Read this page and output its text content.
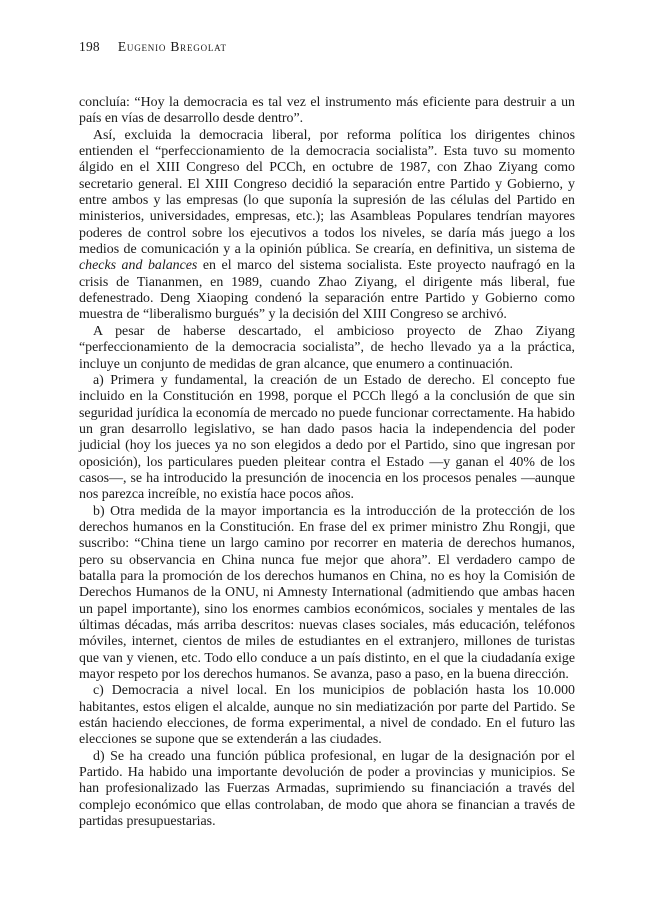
198 Eugenio Bregolat

concluía: “Hoy la democracia es tal vez el instrumento más eficiente para destruir a un país en vías de desarrollo desde dentro”.

Así, excluida la democracia liberal, por reforma política los dirigentes chinos entienden el “perfeccionamiento de la democracia socialista”. Esta tuvo su momento álgido en el XIII Congreso del PCCh, en octubre de 1987, con Zhao Ziyang como secretario general. El XIII Congreso decidió la separación entre Partido y Gobierno, y entre ambos y las empresas (lo que suponía la supresión de las células del Partido en ministerios, universidades, empresas, etc.); las Asambleas Populares tendrían mayores poderes de control sobre los ejecutivos a todos los niveles, se daría más juego a los medios de comunicación y a la opinión pública. Se crearía, en definitiva, un sistema de checks and balances en el marco del sistema socialista. Este proyecto naufragó en la crisis de Tiananmen, en 1989, cuando Zhao Ziyang, el dirigente más liberal, fue defenestrado. Deng Xiaoping condenó la separación entre Partido y Gobierno como muestra de “liberalismo burgués” y la decisión del XIII Congreso se archivó.

A pesar de haberse descartado, el ambicioso proyecto de Zhao Ziyang “perfeccionamiento de la democracia socialista”, de hecho llevado ya a la práctica, incluye un conjunto de medidas de gran alcance, que enumero a continuación.

a) Primera y fundamental, la creación de un Estado de derecho. El concepto fue incluido en la Constitución en 1998, porque el PCCh llegó a la conclusión de que sin seguridad jurídica la economía de mercado no puede funcionar correctamente. Ha habido un gran desarrollo legislativo, se han dado pasos hacia la independencia del poder judicial (hoy los jueces ya no son elegidos a dedo por el Partido, sino que ingresan por oposición), los particulares pueden pleitear contra el Estado —y ganan el 40% de los casos—, se ha introducido la presunción de inocencia en los procesos penales —aunque nos parezca increíble, no existía hace pocos años.

b) Otra medida de la mayor importancia es la introducción de la protección de los derechos humanos en la Constitución. En frase del ex primer ministro Zhu Rongji, que suscribo: “China tiene un largo camino por recorrer en materia de derechos humanos, pero su observancia en China nunca fue mejor que ahora”. El verdadero campo de batalla para la promoción de los derechos humanos en China, no es hoy la Comisión de Derechos Humanos de la ONU, ni Amnesty International (admitiendo que ambas hacen un papel importante), sino los enormes cambios económicos, sociales y mentales de las últimas décadas, más arriba descritos: nuevas clases sociales, más educación, teléfonos móviles, internet, cientos de miles de estudiantes en el extranjero, millones de turistas que van y vienen, etc. Todo ello conduce a un país distinto, en el que la ciudadanía exige mayor respeto por los derechos humanos. Se avanza, paso a paso, en la buena dirección.

c) Democracia a nivel local. En los municipios de población hasta los 10.000 habitantes, estos eligen el alcalde, aunque no sin mediatización por parte del Partido. Se están haciendo elecciones, de forma experimental, a nivel de condado. En el futuro las elecciones se supone que se extenderán a las ciudades.

d) Se ha creado una función pública profesional, en lugar de la designación por el Partido. Ha habido una importante devolución de poder a provincias y municipios. Se han profesionalizado las Fuerzas Armadas, suprimiendo su financiación a través del complejo económico que ellas controlaban, de modo que ahora se financian a través de partidas presupuestarias.
